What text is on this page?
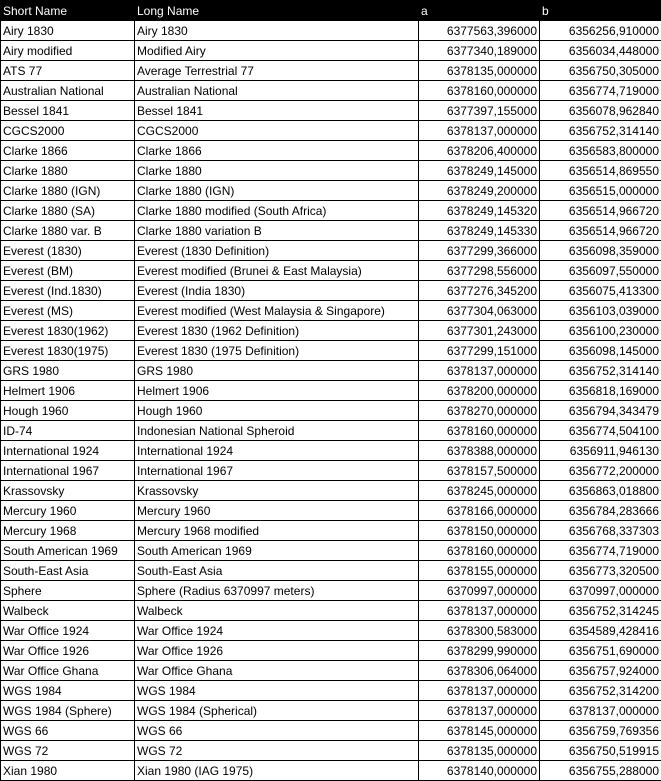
Short Name	Long Name	a	b
Airy 1830	Airy 1830	6377563,396000	6356256,910000
Airy modified	Modified Airy	6377340,189000	6356034,448000
ATS 77	Average Terrestrial 77	6378135,000000	6356750,305000
Australian National	Australian National	6378160,000000	6356774,719000
Bessel 1841	Bessel 1841	6377397,155000	6356078,962840
CGCS2000	CGCS2000	6378137,000000	6356752,314140
Clarke 1866	Clarke 1866	6378206,400000	6356583,800000
Clarke 1880	Clarke 1880	6378249,145000	6356514,869550
Clarke 1880 (IGN)	Clarke 1880 (IGN)	6378249,200000	6356515,000000
Clarke 1880 (SA)	Clarke 1880 modified (South Africa)	6378249,145320	6356514,966720
Clarke 1880 var. B	Clarke 1880 variation B	6378249,145330	6356514,966720
Everest (1830)	Everest (1830 Definition)	6377299,366000	6356098,359000
Everest (BM)	Everest modified (Brunei & East Malaysia)	6377298,556000	6356097,550000
Everest (Ind.1830)	Everest (India 1830)	6377276,345200	6356075,413300
Everest (MS)	Everest modified (West Malaysia & Singapore)	6377304,063000	6356103,039000
Everest 1830(1962)	Everest 1830 (1962 Definition)	6377301,243000	6356100,230000
Everest 1830(1975)	Everest 1830 (1975 Definition)	6377299,151000	6356098,145000
GRS 1980	GRS 1980	6378137,000000	6356752,314140
Helmert 1906	Helmert 1906	6378200,000000	6356818,169000
Hough 1960	Hough 1960	6378270,000000	6356794,343479
ID-74	Indonesian National Spheroid	6378160,000000	6356774,504100
International 1924	International 1924	6378388,000000	6356911,946130
International 1967	International 1967	6378157,500000	6356772,200000
Krassovsky	Krassovsky	6378245,000000	6356863,018800
Mercury 1960	Mercury 1960	6378166,000000	6356784,283666
Mercury 1968	Mercury 1968 modified	6378150,000000	6356768,337303
South American 1969	South American 1969	6378160,000000	6356774,719000
South-East Asia	South-East Asia	6378155,000000	6356773,320500
Sphere	Sphere (Radius 6370997 meters)	6370997,000000	6370997,000000
Walbeck	Walbeck	6378137,000000	6356752,314245
War Office 1924	War Office 1924	6378300,583000	6354589,428416
War Office 1926	War Office 1926	6378299,990000	6356751,690000
War Office Ghana	War Office Ghana	6378306,064000	6356757,924000
WGS 1984	WGS 1984	6378137,000000	6356752,314200
WGS 1984 (Sphere)	WGS 1984 (Spherical)	6378137,000000	6378137,000000
WGS 66	WGS 66	6378145,000000	6356759,769356
WGS 72	WGS 72	6378135,000000	6356750,519915
Xian 1980	Xian 1980 (IAG 1975)	6378140,000000	6356755,288000
